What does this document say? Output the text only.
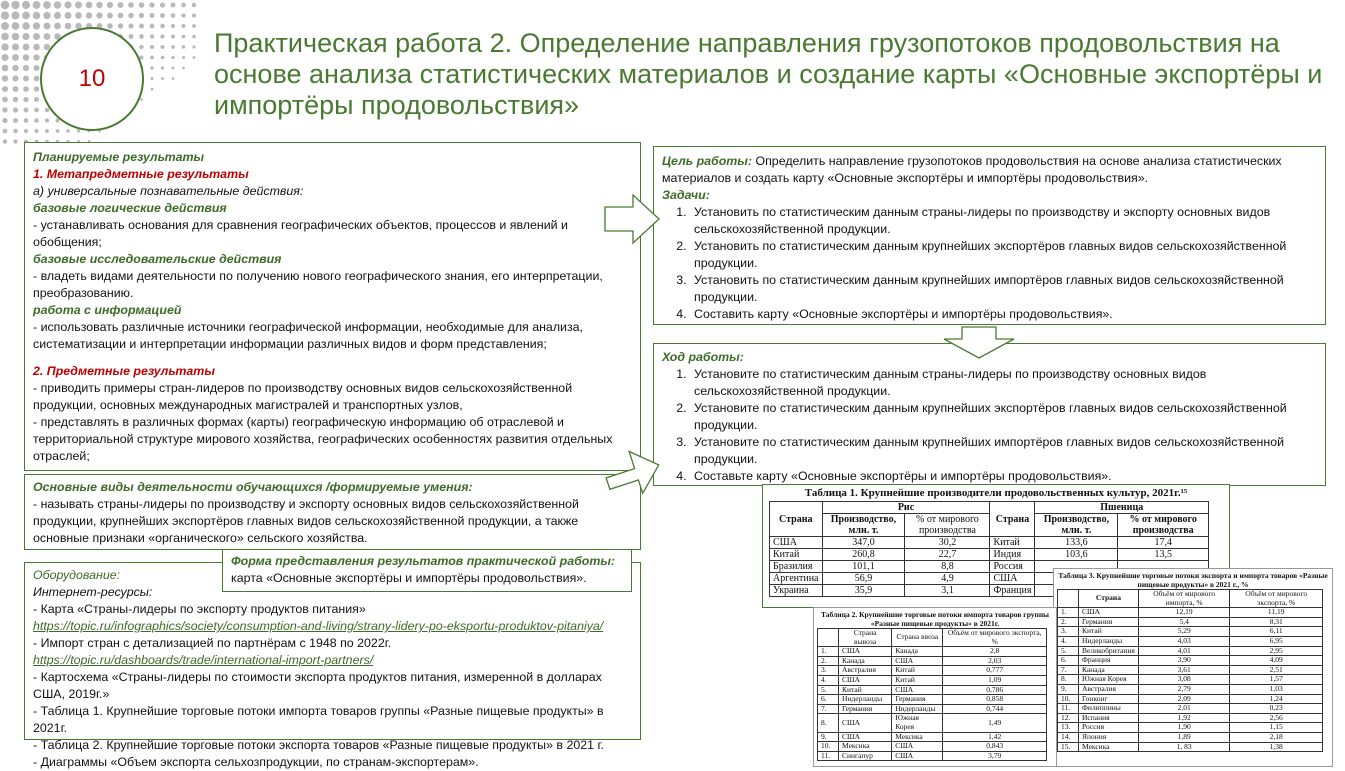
10
Практическая работа 2. Определение направления грузопотоков продовольствия на основе анализа статистических материалов и создание карты «Основные экспортёры и импортёры продовольствия»
Планируемые результаты
1. Метапредметные результаты
а) универсальные познавательные действия:
базовые логические действия
- устанавливать основания для сравнения географических объектов, процессов и явлений и обобщения;
базовые исследовательские действия
- владеть видами деятельности по получению нового географического знания, его интерпретации, преобразованию.
работа с информацией
- использовать различные источники географической информации, необходимые для анализа, систематизации и интерпретации информации различных видов и форм представления;
2. Предметные результаты
- приводить примеры стран-лидеров по производству основных видов сельскохозяйственной продукции, основных международных магистралей и транспортных узлов,
- представлять в различных формах (карты) географическую информацию об отраслевой и территориальной структуре мирового хозяйства, географических особенностях развития отдельных отраслей;
Основные виды деятельности обучающихся /формируемые умения:
- называть страны-лидеры по производству и экспорту основных видов сельскохозяйственной продукции, крупнейших экспортёров главных видов сельскохозяйственной продукции, а также основные признаки «органического» сельского хозяйства.
Оборудование:
Интернет-ресурсы:
- Карта «Страны-лидеры по экспорту продуктов питания» https://topic.ru/infographics/society/consumption-and-living/strany-lidery-po-eksportu-produktov-pitaniya/
- Импорт стран с детализацией по партнёрам с 1948 по 2022г. https://topic.ru/dashboards/trade/international-import-partners/
- Картосхема «Страны-лидеры по стоимости экспорта продуктов питания, измеренной в долларах США, 2019г.»
- Таблица 1. Крупнейшие торговые потоки импорта товаров группы «Разные пищевые продукты» в 2021г.
- Таблица 2. Крупнейшие торговые потоки экспорта товаров «Разные пищевые продукты» в 2021 г.
- Диаграммы «Объем экспорта сельхозпродукции, по странам-экспортерам».
Форма представления результатов практической работы:
карта «Основные экспортёры и импортёры продовольствия».
Цель работы: Определить направление грузопотоков продовольствия на основе анализа статистических материалов и создать карту «Основные экспортёры и импортёры продовольствия».
Задачи:
1. Установить по статистическим данным страны-лидеры по производству и экспорту основных видов сельскохозяйственной продукции.
2. Установить по статистическим данным крупнейших экспортёров главных видов сельскохозяйственной продукции.
3. Установить по статистическим данным крупнейших импортёров главных видов сельскохозяйственной продукции.
4. Составить карту «Основные экспортёры и импортёры продовольствия».
Ход работы:
1. Установите по статистическим данным страны-лидеры по производству основных видов сельскохозяйственной продукции.
2. Установите по статистическим данным крупнейших экспортёров главных видов сельскохозяйственной продукции.
3. Установите по статистическим данным крупнейших импортёров главных видов сельскохозяйственной продукции.
4. Составьте карту «Основные экспортёры и импортёры продовольствия».
Таблица 1. Крупнейшие производители продовольственных культур, 2021г.¹⁵
Страна	Рис		Страна	Пшеница	
	Производство, млн. т.	% от мирового производства		Производство, млн. т.	% от мирового производства
США	347,0	30,2	Китай	133,6	17,4
Китай	260,8	22,7	Индия	103,6	13,5
Бразилия	101,1	8,8	Россия		
Аргентина	56,9	4,9	США		
Украина	35,9	3,1	Франция		
Таблица 3. Крупнейшие торговые потоки экспорта и импорта товаров «Разные пищевые продукты» в 2021 г., %
	Страна	Объём от мирового импорта, %	Объём от мирового экспорта, %
1.	США	12,19	11,19
2.	Германия	5,4	8,31
3.	Китай	5,29	6,11
4.	Нидерланды	4,03	6,95
5.	Великобритания	4,01	2,95
6.	Франция	3,90	4,09
7.	Канада	3,61	2,51
8.	Южная Корея	3,08	1,57
9.	Австралия	2,79	1,03
10.	Гонконг	2,09	1,24
11.	Филиппины	2,01	0,23
12.	Испания	1,92	2,56
13.	Россия	1,90	1,15
14.	Япония	1,89	2,18
15.	Мексика	1, 83	1,38
Таблица 2. Крупнейшие торговые потоки импорта товаров группы «Разные пищевые продукты» в 2021г.
	Страна вывоза	Страна ввоза	Объём от мирового экспорта, %
1.	США	Канада	2,8
2.	Канада	США	2,03
3.	Австралия	Китай	0,777
4.	США	Китай	1,09
5.	Китай	США	0,786
6.	Нидерланды	Германия	0,858
7.	Германия	Нидерланды	0,744
8.	США	Южная Корея	1,49
9.	США	Мексика	1,42
10.	Мексика	США	0,843
11.	Сингапур	США	3,79
